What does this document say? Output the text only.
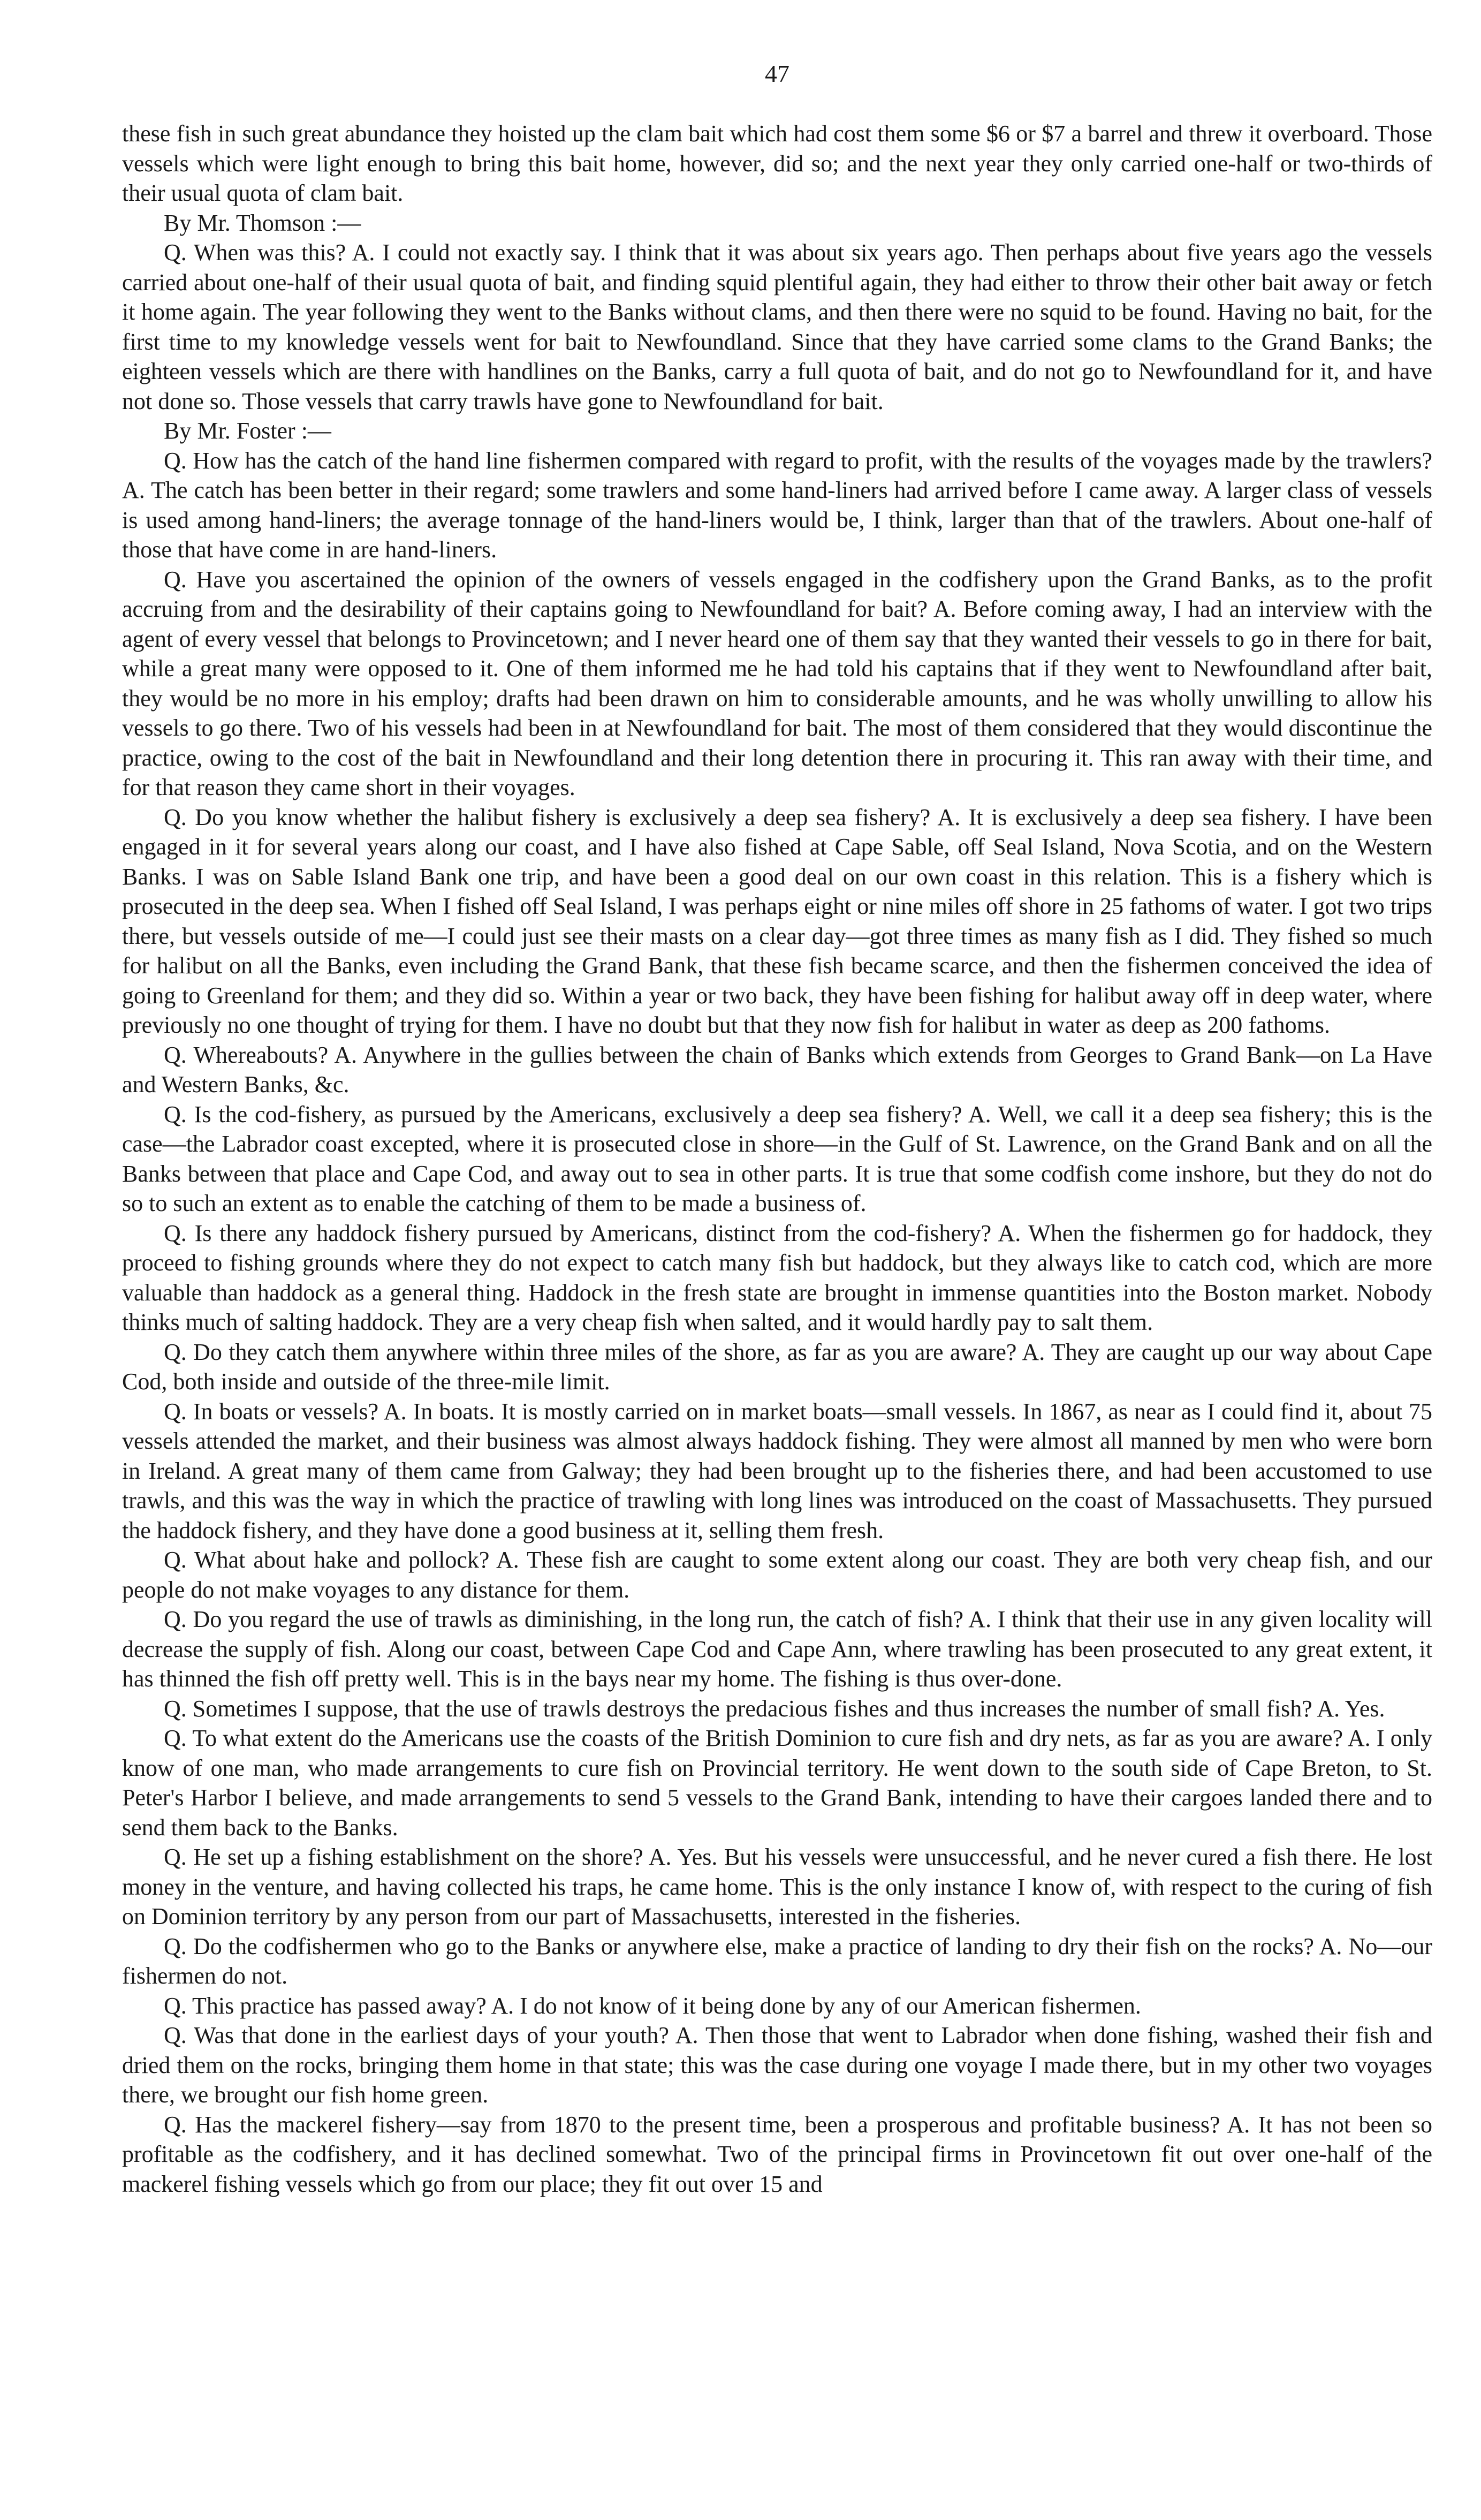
47

these fish in such great abundance they hoisted up the clam bait which had cost them some $6 or $7 a barrel and threw it overboard. Those vessels which were light enough to bring this bait home, however, did so; and the next year they only carried one-half or two-thirds of their usual quota of clam bait.

By Mr. Thomson :—

Q. When was this? A. I could not exactly say. I think that it was about six years ago. Then perhaps about five years ago the vessels carried about one-half of their usual quota of bait, and finding squid plentiful again, they had either to throw their other bait away or fetch it home again. The year following they went to the Banks without clams, and then there were no squid to be found. Having no bait, for the first time to my knowledge vessels went for bait to Newfoundland. Since that they have carried some clams to the Grand Banks; the eighteen vessels which are there with handlines on the Banks, carry a full quota of bait, and do not go to Newfoundland for it, and have not done so. Those vessels that carry trawls have gone to Newfoundland for bait.

By Mr. Foster :—

Q. How has the catch of the hand line fishermen compared with regard to profit, with the results of the voyages made by the trawlers? A. The catch has been better in their regard; some trawlers and some hand-liners had arrived before I came away. A larger class of vessels is used among hand-liners; the average tonnage of the hand-liners would be, I think, larger than that of the trawlers. About one-half of those that have come in are hand-liners.

Q. Have you ascertained the opinion of the owners of vessels engaged in the codfishery upon the Grand Banks, as to the profit accruing from and the desirability of their captains going to Newfoundland for bait? A. Before coming away, I had an interview with the agent of every vessel that belongs to Provincetown; and I never heard one of them say that they wanted their vessels to go in there for bait, while a great many were opposed to it. One of them informed me he had told his captains that if they went to Newfoundland after bait, they would be no more in his employ; drafts had been drawn on him to considerable amounts, and he was wholly unwilling to allow his vessels to go there. Two of his vessels had been in at Newfoundland for bait. The most of them considered that they would discontinue the practice, owing to the cost of the bait in Newfoundland and their long detention there in procuring it. This ran away with their time, and for that reason they came short in their voyages.

Q. Do you know whether the halibut fishery is exclusively a deep sea fishery? A. It is exclusively a deep sea fishery. I have been engaged in it for several years along our coast, and I have also fished at Cape Sable, off Seal Island, Nova Scotia, and on the Western Banks. I was on Sable Island Bank one trip, and have been a good deal on our own coast in this relation. This is a fishery which is prosecuted in the deep sea. When I fished off Seal Island, I was perhaps eight or nine miles off shore in 25 fathoms of water. I got two trips there, but vessels outside of me—I could just see their masts on a clear day—got three times as many fish as I did. They fished so much for halibut on all the Banks, even including the Grand Bank, that these fish became scarce, and then the fishermen conceived the idea of going to Greenland for them; and they did so. Within a year or two back, they have been fishing for halibut away off in deep water, where previously no one thought of trying for them. I have no doubt but that they now fish for halibut in water as deep as 200 fathoms.

Q. Whereabouts? A. Anywhere in the gullies between the chain of Banks which extends from Georges to Grand Bank—on La Have and Western Banks, &c.

Q. Is the cod-fishery, as pursued by the Americans, exclusively a deep sea fishery? A. Well, we call it a deep sea fishery; this is the case—the Labrador coast excepted, where it is prosecuted close in shore—in the Gulf of St. Lawrence, on the Grand Bank and on all the Banks between that place and Cape Cod, and away out to sea in other parts. It is true that some codfish come inshore, but they do not do so to such an extent as to enable the catching of them to be made a business of.

Q. Is there any haddock fishery pursued by Americans, distinct from the cod-fishery? A. When the fishermen go for haddock, they proceed to fishing grounds where they do not expect to catch many fish but haddock, but they always like to catch cod, which are more valuable than haddock as a general thing. Haddock in the fresh state are brought in immense quantities into the Boston market. Nobody thinks much of salting haddock. They are a very cheap fish when salted, and it would hardly pay to salt them.

Q. Do they catch them anywhere within three miles of the shore, as far as you are aware? A. They are caught up our way about Cape Cod, both inside and outside of the three-mile limit.

Q. In boats or vessels? A. In boats. It is mostly carried on in market boats—small vessels. In 1867, as near as I could find it, about 75 vessels attended the market, and their business was almost always haddock fishing. They were almost all manned by men who were born in Ireland. A great many of them came from Galway; they had been brought up to the fisheries there, and had been accustomed to use trawls, and this was the way in which the practice of trawling with long lines was introduced on the coast of Massachusetts. They pursued the haddock fishery, and they have done a good business at it, selling them fresh.

Q. What about hake and pollock? A. These fish are caught to some extent along our coast. They are both very cheap fish, and our people do not make voyages to any distance for them.

Q. Do you regard the use of trawls as diminishing, in the long run, the catch of fish? A. I think that their use in any given locality will decrease the supply of fish. Along our coast, between Cape Cod and Cape Ann, where trawling has been prosecuted to any great extent, it has thinned the fish off pretty well. This is in the bays near my home. The fishing is thus over-done.

Q. Sometimes I suppose, that the use of trawls destroys the predacious fishes and thus increases the number of small fish? A. Yes.

Q. To what extent do the Americans use the coasts of the British Dominion to cure fish and dry nets, as far as you are aware? A. I only know of one man, who made arrangements to cure fish on Provincial territory. He went down to the south side of Cape Breton, to St. Peter's Harbor I believe, and made arrangements to send 5 vessels to the Grand Bank, intending to have their cargoes landed there and to send them back to the Banks.

Q. He set up a fishing establishment on the shore? A. Yes. But his vessels were unsuccessful, and he never cured a fish there. He lost money in the venture, and having collected his traps, he came home. This is the only instance I know of, with respect to the curing of fish on Dominion territory by any person from our part of Massachusetts, interested in the fisheries.

Q. Do the codfishermen who go to the Banks or anywhere else, make a practice of landing to dry their fish on the rocks? A. No—our fishermen do not.

Q. This practice has passed away? A. I do not know of it being done by any of our American fishermen.

Q. Was that done in the earliest days of your youth? A. Then those that went to Labrador when done fishing, washed their fish and dried them on the rocks, bringing them home in that state; this was the case during one voyage I made there, but in my other two voyages there, we brought our fish home green.

Q. Has the mackerel fishery—say from 1870 to the present time, been a prosperous and profitable business? A. It has not been so profitable as the codfishery, and it has declined somewhat. Two of the principal firms in Provincetown fit out over one-half of the mackerel fishing vessels which go from our place; they fit out over 15 and
